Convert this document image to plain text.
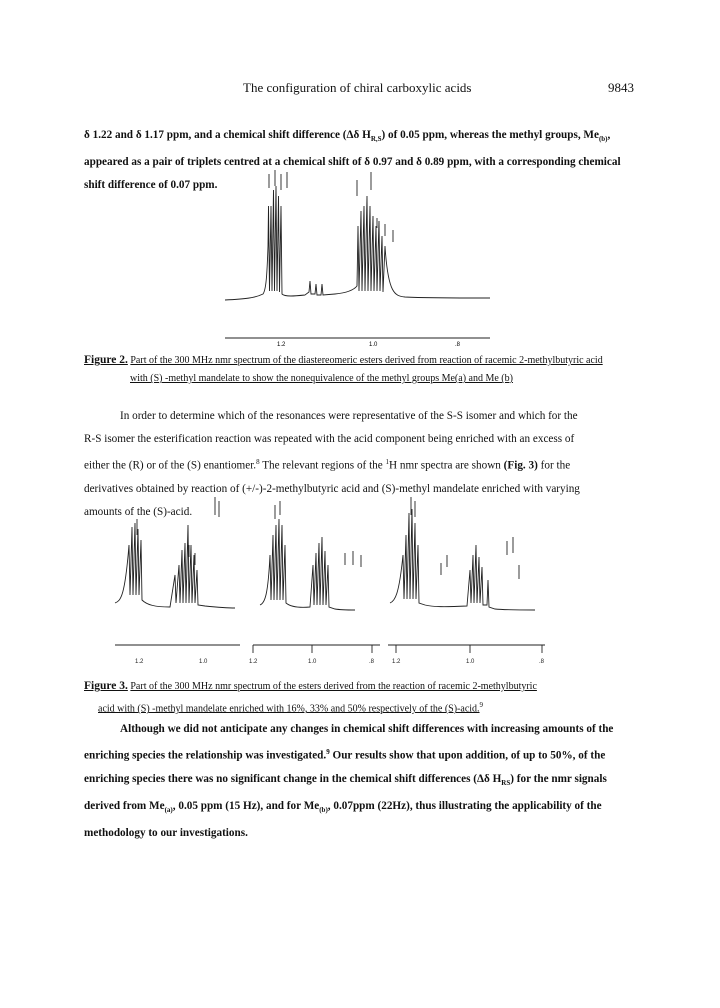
The configuration of chiral carboxylic acids	9843
δ 1.22 and δ 1.17 ppm, and a chemical shift difference (Δδ $H_{R,S}$) of 0.05 ppm, whereas the methyl groups, $Me_{(b)}$,
appeared as a pair of triplets centred at a chemical shift of δ 0.97 and δ 0.89 ppm, with a corresponding chemical
shift difference of 0.07 ppm.
1.2	1.0	.8
Figure 2. Part of the 300 MHz nmr spectrum of the diastereomeric esters derived from reaction of racemic 2-methylbutyric acid
with (S) -methyl mandelate to show the nonequivalence of the methyl groups Me(a) and Me (b)
In order to determine which of the resonances were representative of the S-S isomer and which for the
R-S isomer the esterification reaction was repeated with the acid component being enriched with an excess of
either the (R) or of the (S) enantiomer.$^8$ The relevant regions of the $^1$H nmr spectra are shown (Fig. 3) for the
derivatives obtained by reaction of (+/-)-2-methylbutyric acid and (S)-methyl mandelate enriched with varying
amounts of the (S)-acid.
1.2	1.0	1.2	1.0	.8	1.2	1.0	.8
Figure 3. Part of the 300 MHz nmr spectrum of the esters derived from the reaction of racemic 2-methylbutyric
acid with (S) -methyl mandelate enriched with 16%, 33% and 50% respectively of the (S)-acid.$^9$
Although we did not anticipate any changes in chemical shift differences with increasing amounts of the
enriching species the relationship was investigated.$^9$ Our results show that upon addition, of up to 50%, of the
enriching species there was no significant change in the chemical shift differences (Δδ $H_{RS}$) for the nmr signals
derived from $Me_{(a)}$, 0.05 ppm (15 Hz), and for $Me_{(b)}$, 0.07ppm (22Hz), thus illustrating the applicability of the
methodology to our investigations.
